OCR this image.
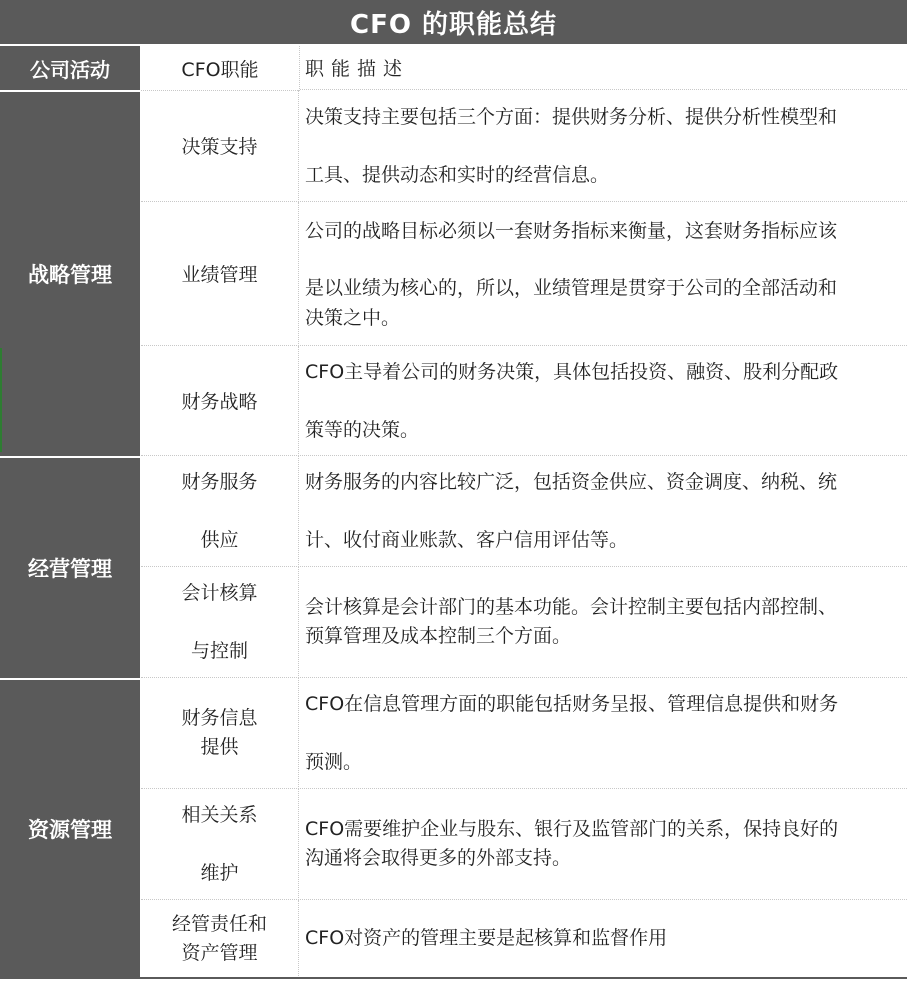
CFO 的职能总结
公司活动	CFO职能	职能描述
战略管理
经营管理
资源管理
决策支持

决策支持主要包括三个方面：提供财务分析、提供分析性模型和

工具、提供动态和实时的经营信息。

业绩管理

公司的战略目标必须以一套财务指标来衡量，这套财务指标应该

是以业绩为核心的，所以，业绩管理是贯穿于公司的全部活动和

决策之中。

财务战略

CFO主导着公司的财务决策，具体包括投资、融资、股利分配政

策等的决策。

财务服务

供应

财务服务的内容比较广泛，包括资金供应、资金调度、纳税、统

计、收付商业账款、客户信用评估等。

会计核算

与控制

会计核算是会计部门的基本功能。会计控制主要包括内部控制、

预算管理及成本控制三个方面。

财务信息
提供

CFO在信息管理方面的职能包括财务呈报、管理信息提供和财务

预测。

相关关系

维护

CFO需要维护企业与股东、银行及监管部门的关系，保持良好的

沟通将会取得更多的外部支持。

经管责任和
资产管理

CFO对资产的管理主要是起核算和监督作用
